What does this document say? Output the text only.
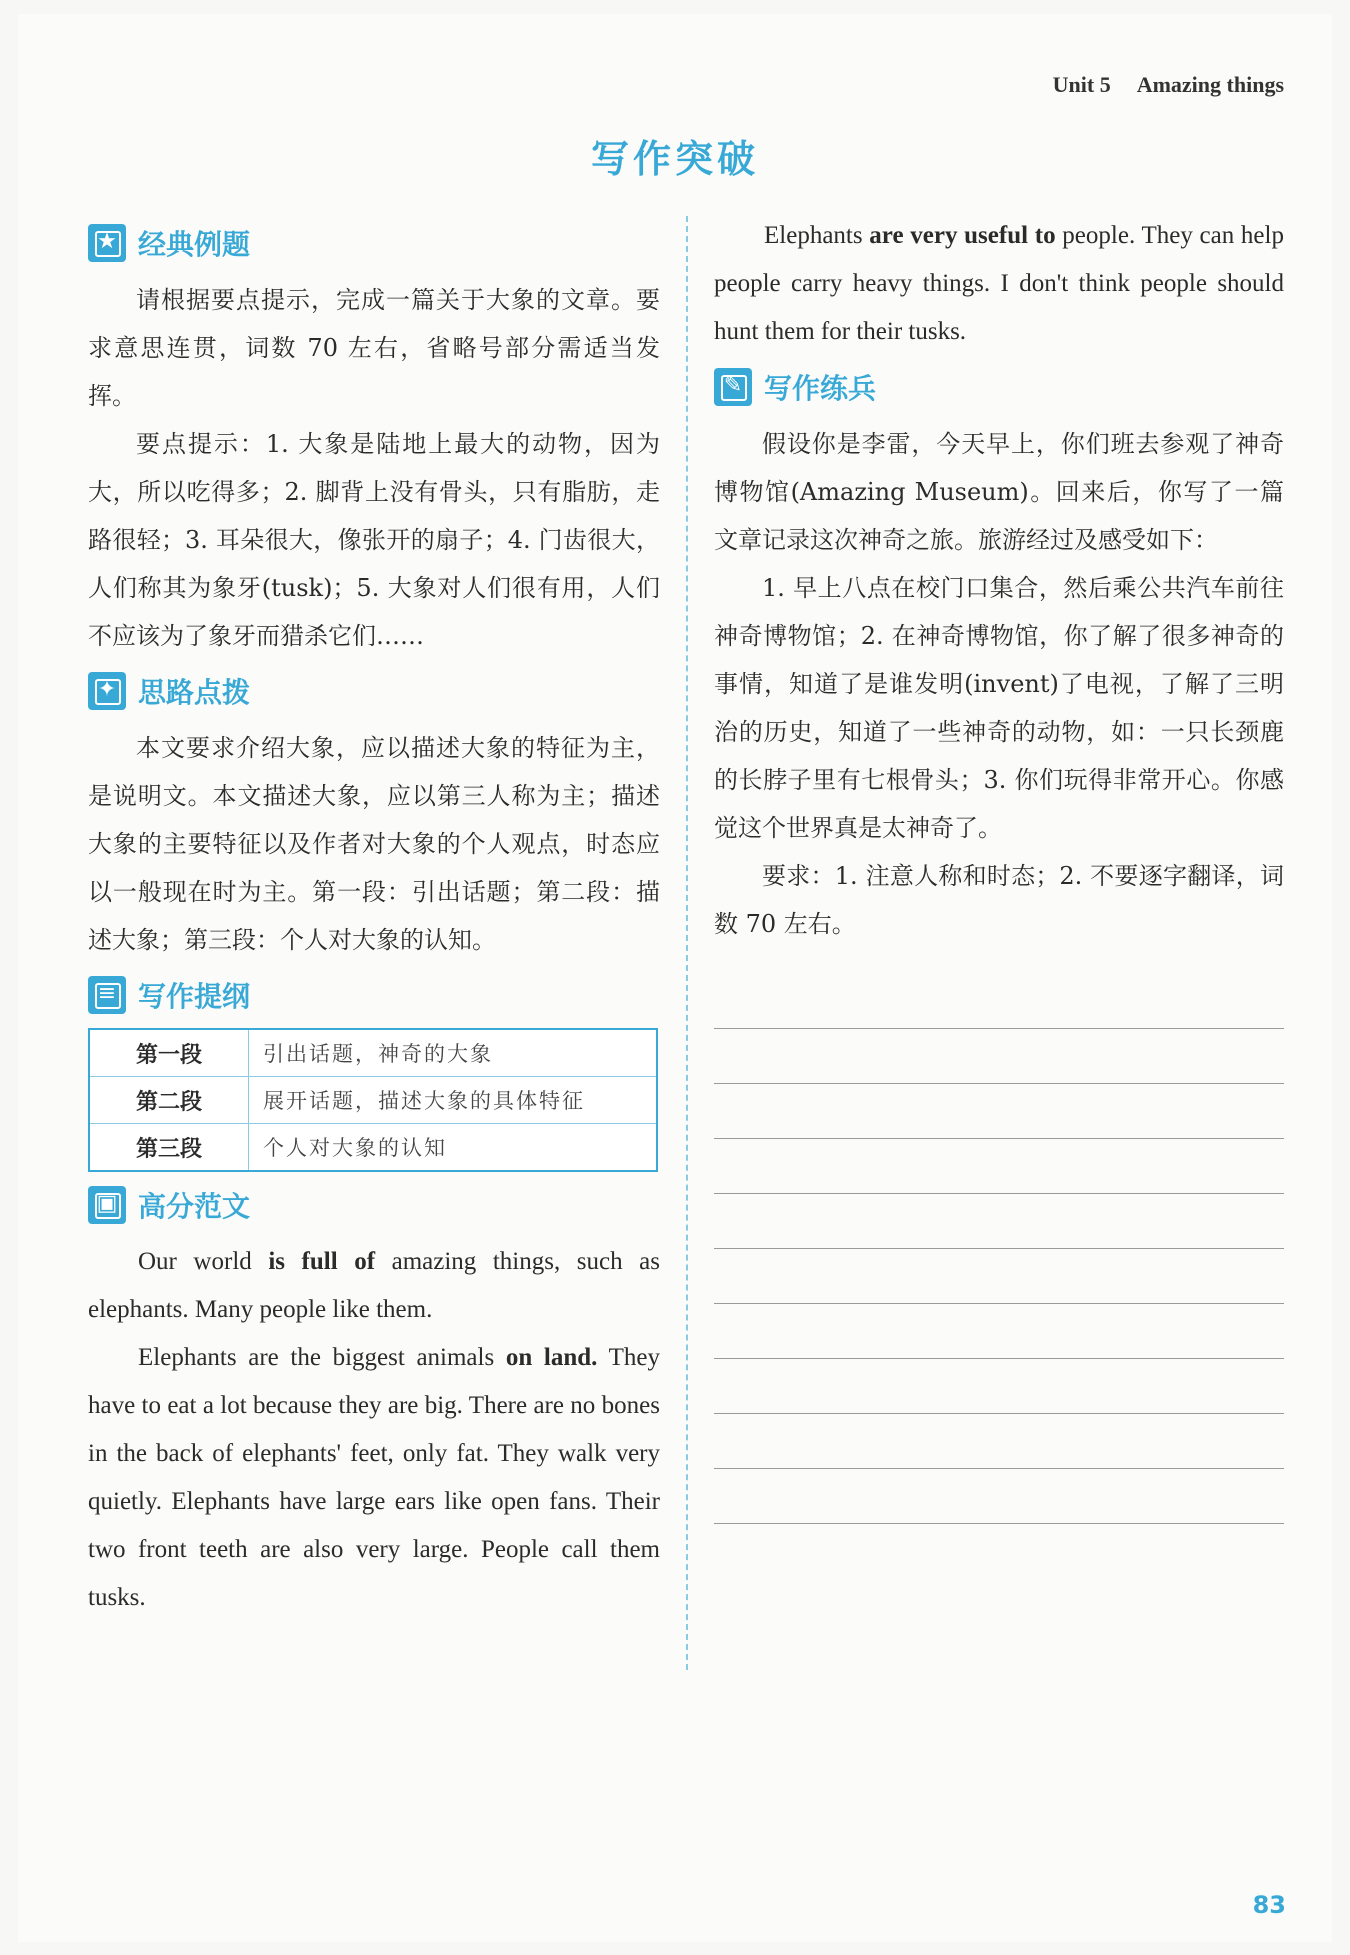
Unit 5 Amazing things
写作突破
★ 经典例题

请根据要点提示，完成一篇关于大象的文章。要求意思连贯，词数 70 左右，省略号部分需适当发挥。

要点提示：1. 大象是陆地上最大的动物，因为大，所以吃得多；2. 脚背上没有骨头，只有脂肪，走路很轻；3. 耳朵很大，像张开的扇子；4. 门齿很大，人们称其为象牙(tusk)；5. 大象对人们很有用，人们不应该为了象牙而猎杀它们……

✦ 思路点拨

本文要求介绍大象，应以描述大象的特征为主，是说明文。本文描述大象，应以第三人称为主；描述大象的主要特征以及作者对大象的个人观点，时态应以一般现在时为主。第一段：引出话题；第二段：描述大象；第三段：个人对大象的认知。

≡ 写作提纲
第一段	引出话题，神奇的大象
第二段	展开话题，描述大象的具体特征
第三段	个人对大象的认知
▣ 高分范文

Our world is full of amazing things, such as elephants. Many people like them.

Elephants are the biggest animals on land. They have to eat a lot because they are big. There are no bones in the back of elephants' feet, only fat. They walk very quietly. Elephants have large ears like open fans. Their two front teeth are also very large. People call them tusks.

Elephants are very useful to people. They can help people carry heavy things. I don't think people should hunt them for their tusks.

✎ 写作练兵

假设你是李雷，今天早上，你们班去参观了神奇博物馆(Amazing Museum)。回来后，你写了一篇文章记录这次神奇之旅。旅游经过及感受如下：

1. 早上八点在校门口集合，然后乘公共汽车前往神奇博物馆；2. 在神奇博物馆，你了解了很多神奇的事情，知道了是谁发明(invent)了电视，了解了三明治的历史，知道了一些神奇的动物，如：一只长颈鹿的长脖子里有七根骨头；3. 你们玩得非常开心。你感觉这个世界真是太神奇了。

要求：1. 注意人称和时态；2. 不要逐字翻译，词数 70 左右。

83
